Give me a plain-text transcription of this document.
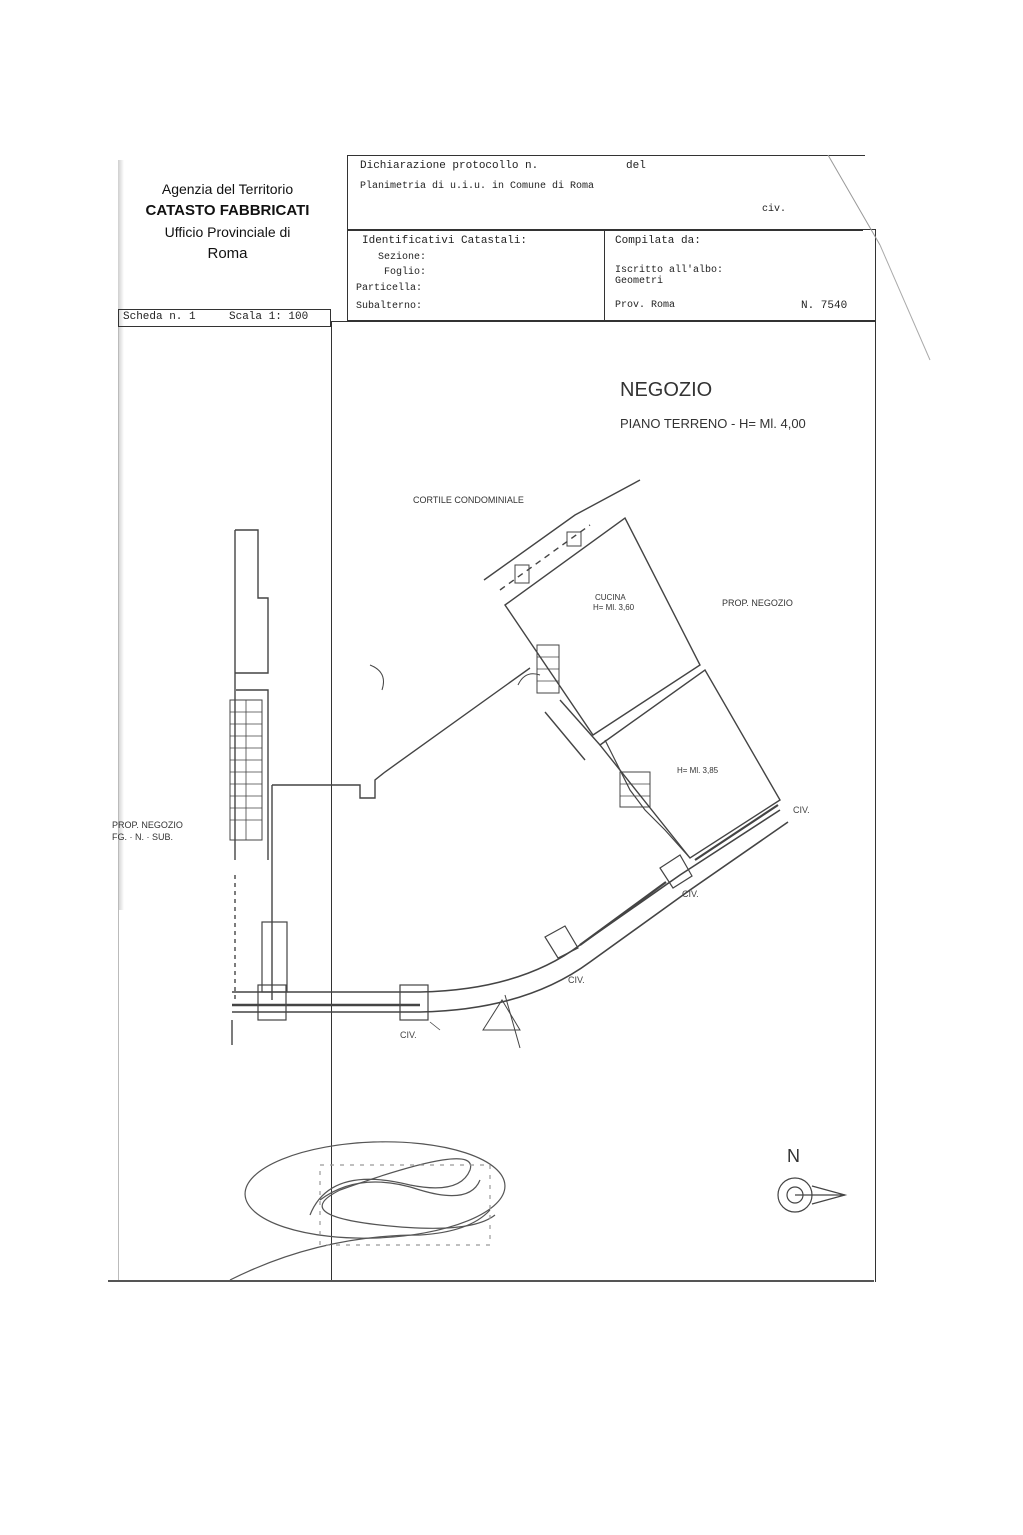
Agenzia del Territorio
CATASTO FABBRICATI
Ufficio Provinciale di
Roma
Scheda n. 1	Scala 1: 100
Dichiarazione protocollo n.	del
Planimetria di u.i.u. in Comune di Roma
civ.
Identificativi Catastali:
Sezione:
Foglio:
Particella:
Subalterno:
Compilata da:
Iscritto all'albo:
Geometri
Prov. Roma	N. 7540
NEGOZIO
PIANO TERRENO - H= Ml. 4,00
CORTILE CONDOMINIALE
CUCINA
H= Ml. 3,60	PROP. NEGOZIO
H= Ml. 3,85
PROP. NEGOZIO
FG. · N. · SUB.
CIV.
CIV.
CIV.
CIV.
N
